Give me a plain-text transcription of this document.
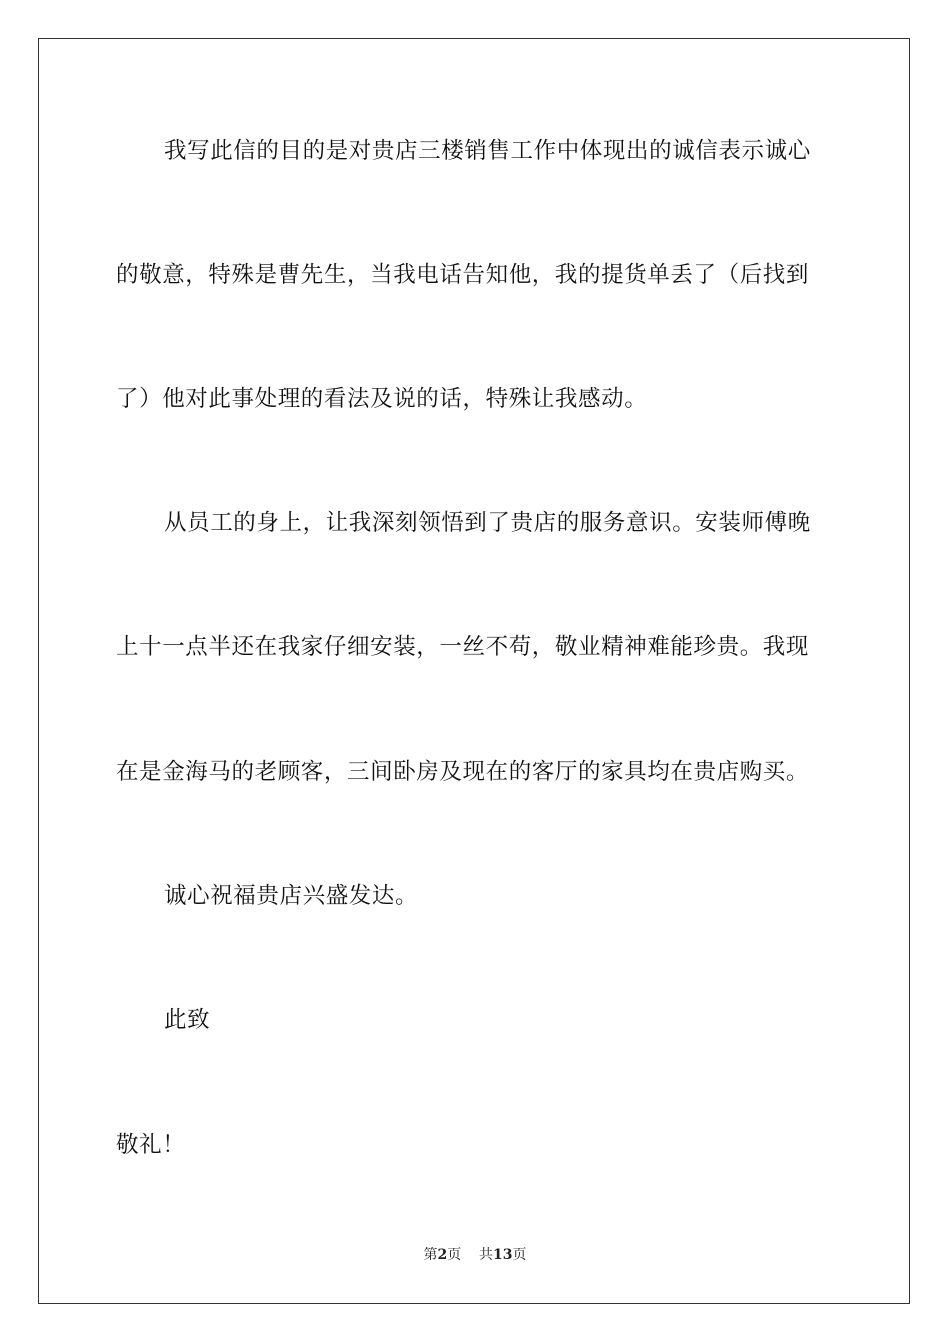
我写此信的目的是对贵店三楼销售工作中体现出的诚信表示诚心
的敬意，特殊是曹先生，当我电话告知他，我的提货单丢了（后找到
了）他对此事处理的看法及说的话，特殊让我感动。
从员工的身上，让我深刻领悟到了贵店的服务意识。安装师傅晚
上十一点半还在我家仔细安装，一丝不苟，敬业精神难能珍贵。我现
在是金海马的老顾客，三间卧房及现在的客厅的家具均在贵店购买。
诚心祝福贵店兴盛发达。
此致
敬礼！
第2页 共13页
